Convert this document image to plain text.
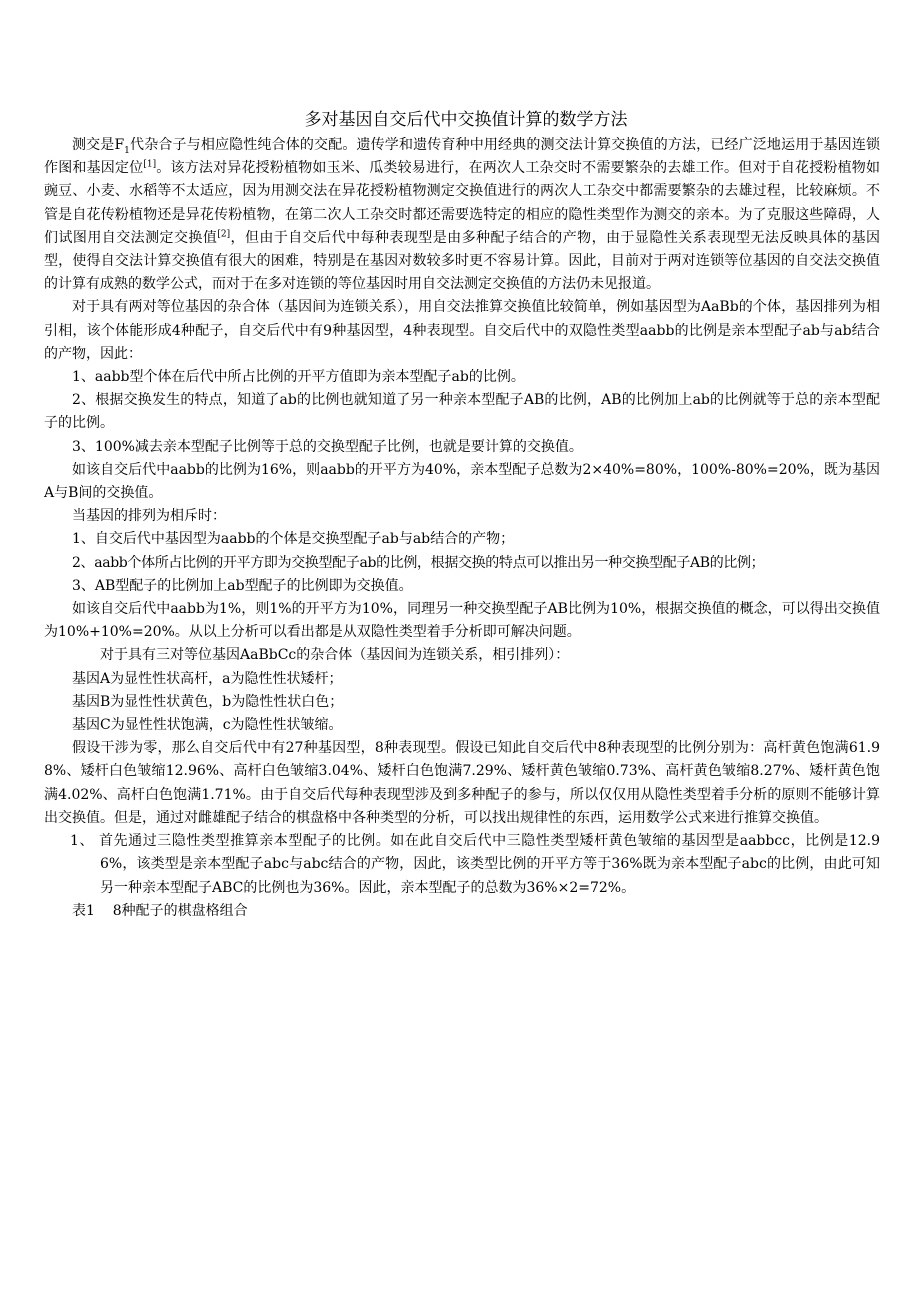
多对基因自交后代中交换值计算的数学方法

测交是$F_1$代杂合子与相应隐性纯合体的交配。遗传学和遗传育种中用经典的测交法计算交换值的方法，已经广泛地运用于基因连锁作图和基因定位[1]。该方法对异花授粉植物如玉米、瓜类较易进行，在两次人工杂交时不需要繁杂的去雄工作。但对于自花授粉植物如豌豆、小麦、水稻等不太适应，因为用测交法在异花授粉植物测定交换值进行的两次人工杂交中都需要繁杂的去雄过程，比较麻烦。不管是自花传粉植物还是异花传粉植物，在第二次人工杂交时都还需要选特定的相应的隐性类型作为测交的亲本。为了克服这些障碍，人们试图用自交法测定交换值[2]，但由于自交后代中每种表现型是由多种配子结合的产物，由于显隐性关系表现型无法反映具体的基因型，使得自交法计算交换值有很大的困难，特别是在基因对数较多时更不容易计算。因此，目前对于两对连锁等位基因的自交法交换值的计算有成熟的数学公式，而对于在多对连锁的等位基因时用自交法测定交换值的方法仍未见报道。

对于具有两对等位基因的杂合体（基因间为连锁关系），用自交法推算交换值比较简单，例如基因型为AaBb的个体，基因排列为相引相，该个体能形成4种配子，自交后代中有9种基因型，4种表现型。自交后代中的双隐性类型aabb的比例是亲本型配子ab与ab结合的产物，因此：

1、aabb型个体在后代中所占比例的开平方值即为亲本型配子ab的比例。

2、根据交换发生的特点，知道了ab的比例也就知道了另一种亲本型配子AB的比例，AB的比例加上ab的比例就等于总的亲本型配子的比例。

3、100%减去亲本型配子比例等于总的交换型配子比例，也就是要计算的交换值。

如该自交后代中aabb的比例为16%，则aabb的开平方为40%，亲本型配子总数为2×40%=80%，100%-80%=20%，既为基因A与B间的交换值。

当基因的排列为相斥时：

1、自交后代中基因型为aabb的个体是交换型配子ab与ab结合的产物；

2、aabb个体所占比例的开平方即为交换型配子ab的比例，根据交换的特点可以推出另一种交换型配子AB的比例；

3、AB型配子的比例加上ab型配子的比例即为交换值。

如该自交后代中aabb为1%，则1%的开平方为10%，同理另一种交换型配子AB比例为10%，根据交换值的概念，可以得出交换值为10%+10%=20%。从以上分析可以看出都是从双隐性类型着手分析即可解决问题。

对于具有三对等位基因AaBbCc的杂合体（基因间为连锁关系，相引排列）：

基因A为显性性状高杆，a为隐性性状矮杆；

基因B为显性性状黄色，b为隐性性状白色；

基因C为显性性状饱满，c为隐性性状皱缩。

假设干涉为零，那么自交后代中有27种基因型，8种表现型。假设已知此自交后代中8种表现型的比例分别为：高杆黄色饱满61.98%、矮杆白色皱缩12.96%、高杆白色皱缩3.04%、矮杆白色饱满7.29%、矮杆黄色皱缩0.73%、高杆黄色皱缩8.27%、矮杆黄色饱满4.02%、高杆白色饱满1.71%。由于自交后代每种表现型涉及到多种配子的参与，所以仅仅用从隐性类型着手分析的原则不能够计算出交换值。但是，通过对雌雄配子结合的棋盘格中各种类型的分析，可以找出规律性的东西，运用数学公式来进行推算交换值。

1、 首先通过三隐性类型推算亲本型配子的比例。如在此自交后代中三隐性类型矮杆黄色皱缩的基因型是aabbcc，比例是12.96%，该类型是亲本型配子abc与abc结合的产物，因此，该类型比例的开平方等于36%既为亲本型配子abc的比例，由此可知另一种亲本型配子ABC的比例也为36%。因此，亲本型配子的总数为36%×2=72%。

表1    8种配子的棋盘格组合
